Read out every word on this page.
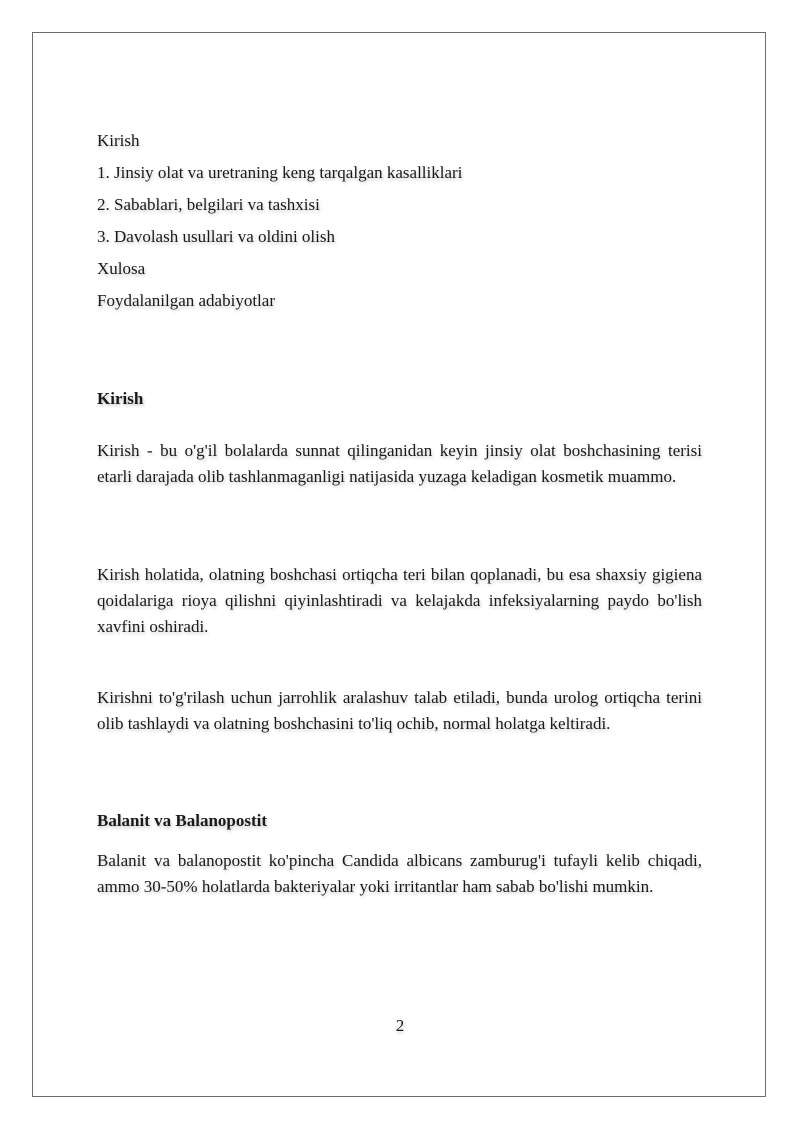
Kirish
1. Jinsiy olat va uretraning keng tarqalgan kasalliklari
2. Sabablari, belgilari va tashxisi
3. Davolash usullari va oldini olish
Xulosa
Foydalanilgan adabiyotlar
Kirish
Kirish - bu o'g'il bolalarda sunnat qilinganidan keyin jinsiy olat boshchasining terisi etarli darajada olib tashlanmaganligi natijasida yuzaga keladigan kosmetik muammo.
Kirish holatida, olatning boshchasi ortiqcha teri bilan qoplanadi, bu esa shaxsiy gigiena qoidalariga rioya qilishni qiyinlashtiradi va kelajakda infeksiyalarning paydo bo'lish xavfini oshiradi.
Kirishni to'g'rilash uchun jarrohlik aralashuv talab etiladi, bunda urolog ortiqcha terini olib tashlaydi va olatning boshchasini to'liq ochib, normal holatga keltiradi.
Balanit va Balanopostit
Balanit va balanopostit ko'pincha Candida albicans zamburug'i tufayli kelib chiqadi, ammo 30-50% holatlarda bakteriyalar yoki irritantlar ham sabab bo'lishi mumkin.
2
